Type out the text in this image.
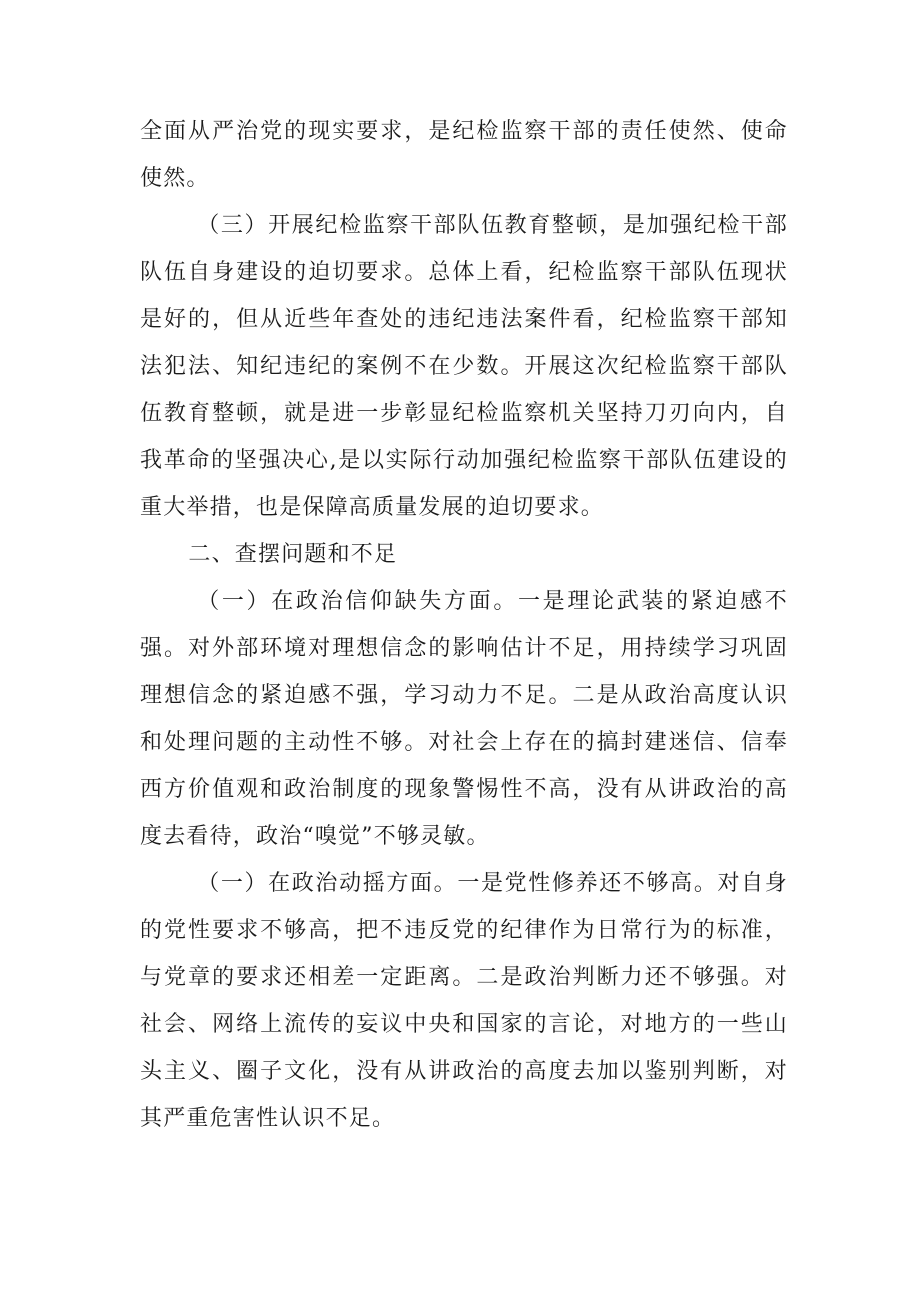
全面从严治党的现实要求，是纪检监察干部的责任使然、使命使然。

（三）开展纪检监察干部队伍教育整顿，是加强纪检干部队伍自身建设的迫切要求。总体上看，纪检监察干部队伍现状是好的，但从近些年查处的违纪违法案件看，纪检监察干部知法犯法、知纪违纪的案例不在少数。开展这次纪检监察干部队伍教育整顿，就是进一步彰显纪检监察机关坚持刀刃向内，自我革命的坚强决心,是以实际行动加强纪检监察干部队伍建设的重大举措，也是保障高质量发展的迫切要求。

二、查摆问题和不足

（一）在政治信仰缺失方面。一是理论武装的紧迫感不强。对外部环境对理想信念的影响估计不足，用持续学习巩固理想信念的紧迫感不强，学习动力不足。二是从政治高度认识和处理问题的主动性不够。对社会上存在的搞封建迷信、信奉西方价值观和政治制度的现象警惕性不高，没有从讲政治的高度去看待，政治“嗅觉”不够灵敏。

（一）在政治动摇方面。一是党性修养还不够高。对自身的党性要求不够高，把不违反党的纪律作为日常行为的标准，与党章的要求还相差一定距离。二是政治判断力还不够强。对社会、网络上流传的妄议中央和国家的言论，对地方的一些山头主义、圈子文化，没有从讲政治的高度去加以鉴别判断，对其严重危害性认识不足。
